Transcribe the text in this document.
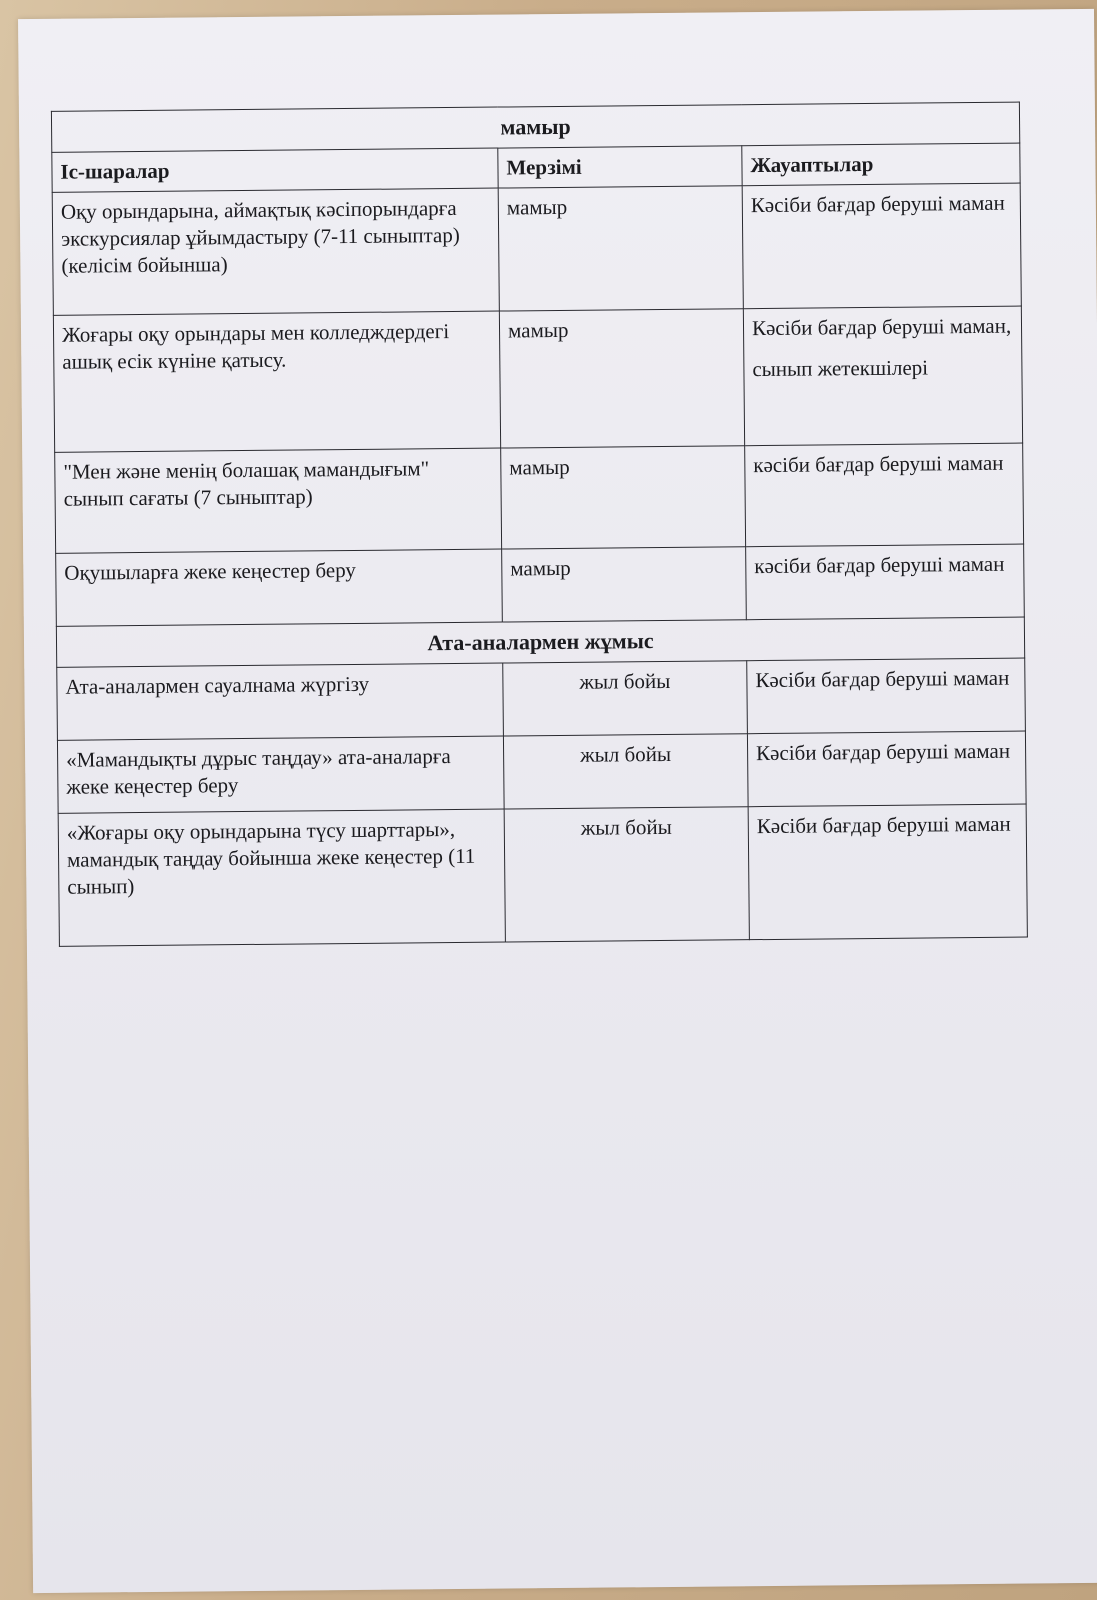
мамыр		
Іс-шаралар	Мерзімі	Жауаптылар
Оқу орындарына, аймақтық кәсіпорындарға экскурсиялар ұйымдастыру (7-11 сыныптар) (келісім бойынша)	мамыр	Кәсіби бағдар беруші маман

Жоғары оқу орындары мен колледждердегі ашық есік күніне қатысу.	мамыр	Кәсіби бағдар беруші маман,
сынып жетекшілері

"Мен және менің болашақ мамандығым" сынып сағаты (7 сыныптар)	мамыр	кәсіби бағдар беруші маман

Оқушыларға жеке кеңестер беру	мамыр	кәсіби бағдар беруші маман

Ата-аналармен жұмыс		
Ата-аналармен сауалнама жүргізу	жыл бойы	Кәсіби бағдар беруші маман

«Мамандықты дұрыс таңдау» ата-аналарға жеке кеңестер беру	жыл бойы	Кәсіби бағдар беруші маман

«Жоғары оқу орындарына түсу шарттары», мамандық таңдау бойынша жеке кеңестер (11 сынып)	жыл бойы	Кәсіби бағдар беруші маман
